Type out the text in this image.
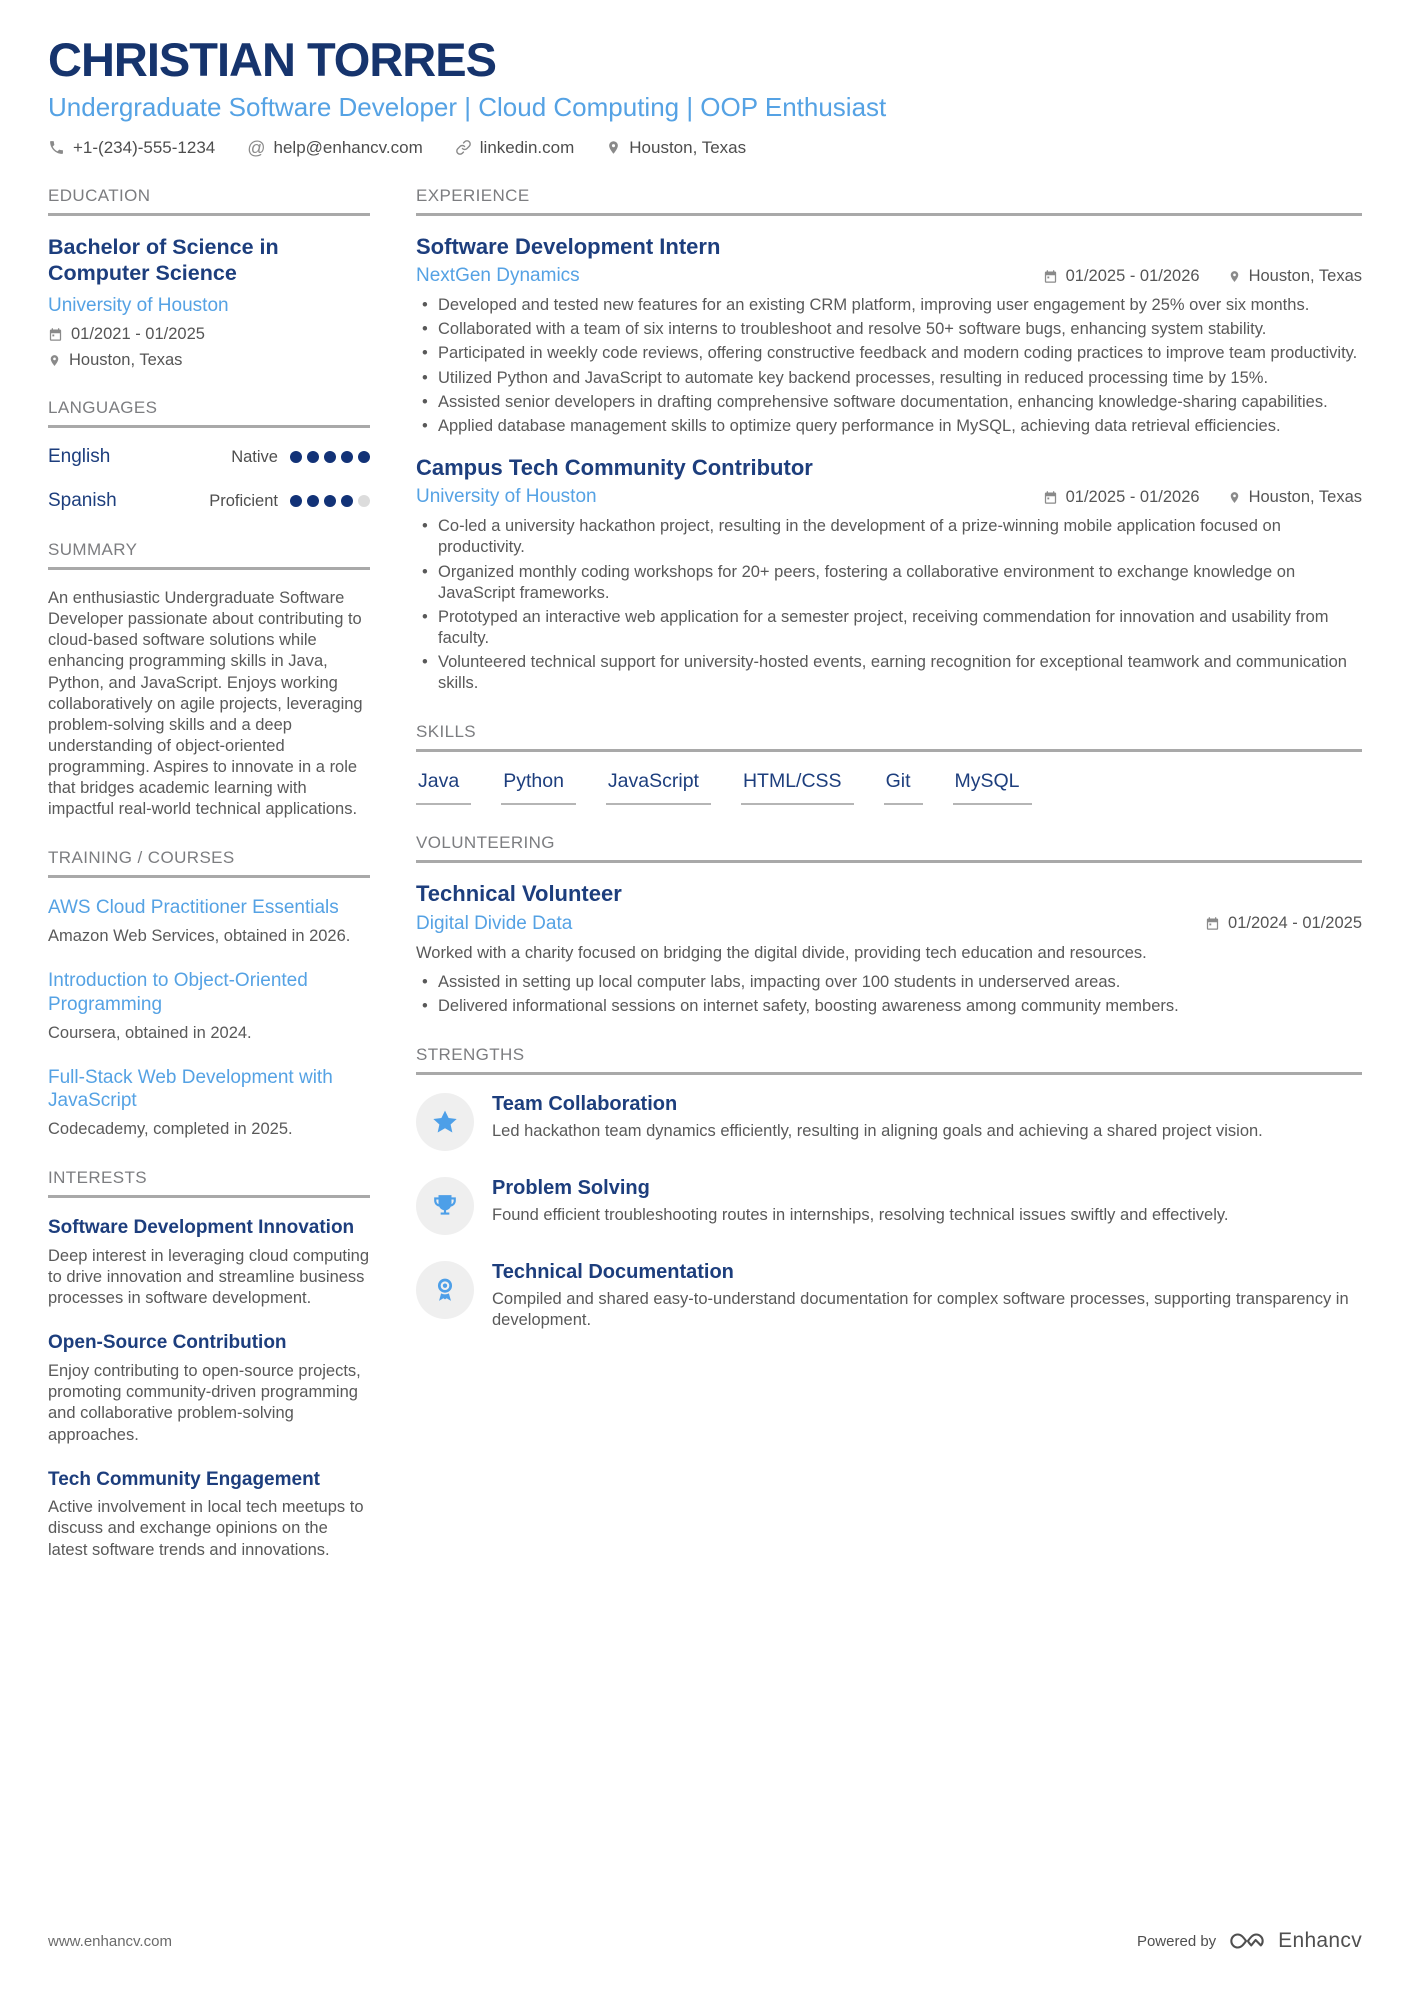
CHRISTIAN TORRES
Undergraduate Software Developer | Cloud Computing | OOP Enthusiast
+1-(234)-555-1234 @ help@enhancv.com	linkedin.com	Houston, Texas
EDUCATION
Bachelor of Science in Computer Science
University of Houston
01/2021 - 01/2025
Houston, Texas
LANGUAGES
English	Native
Spanish	Proficient
SUMMARY
An enthusiastic Undergraduate Software Developer passionate about contributing to cloud-based software solutions while enhancing programming skills in Java, Python, and JavaScript. Enjoys working collaboratively on agile projects, leveraging problem-solving skills and a deep understanding of object-oriented programming. Aspires to innovate in a role that bridges academic learning with impactful real-world technical applications.
TRAINING / COURSES
AWS Cloud Practitioner Essentials
Amazon Web Services, obtained in 2026.
Introduction to Object-Oriented Programming
Coursera, obtained in 2024.
Full-Stack Web Development with JavaScript
Codecademy, completed in 2025.
INTERESTS
Software Development Innovation
Deep interest in leveraging cloud computing to drive innovation and streamline business processes in software development.
Open-Source Contribution
Enjoy contributing to open-source projects, promoting community-driven programming and collaborative problem-solving approaches.
Tech Community Engagement
Active involvement in local tech meetups to discuss and exchange opinions on the latest software trends and innovations.
EXPERIENCE
Software Development Intern
NextGen Dynamics	01/2025 - 01/2026	Houston, Texas
• Developed and tested new features for an existing CRM platform, improving user engagement by 25% over six months.
• Collaborated with a team of six interns to troubleshoot and resolve 50+ software bugs, enhancing system stability.
• Participated in weekly code reviews, offering constructive feedback and modern coding practices to improve team productivity.
• Utilized Python and JavaScript to automate key backend processes, resulting in reduced processing time by 15%.
• Assisted senior developers in drafting comprehensive software documentation, enhancing knowledge-sharing capabilities.
• Applied database management skills to optimize query performance in MySQL, achieving data retrieval efficiencies.
Campus Tech Community Contributor
University of Houston	01/2025 - 01/2026	Houston, Texas
• Co-led a university hackathon project, resulting in the development of a prize-winning mobile application focused on productivity.
• Organized monthly coding workshops for 20+ peers, fostering a collaborative environment to exchange knowledge on JavaScript frameworks.
• Prototyped an interactive web application for a semester project, receiving commendation for innovation and usability from faculty.
• Volunteered technical support for university-hosted events, earning recognition for exceptional teamwork and communication skills.
SKILLS
Java	Python	JavaScript	HTML/CSS	Git	MySQL
VOLUNTEERING
Technical Volunteer
Digital Divide Data	01/2024 - 01/2025
Worked with a charity focused on bridging the digital divide, providing tech education and resources.
• Assisted in setting up local computer labs, impacting over 100 students in underserved areas.
• Delivered informational sessions on internet safety, boosting awareness among community members.
STRENGTHS
Team Collaboration
Led hackathon team dynamics efficiently, resulting in aligning goals and achieving a shared project vision.
Problem Solving
Found efficient troubleshooting routes in internships, resolving technical issues swiftly and effectively.
Technical Documentation
Compiled and shared easy-to-understand documentation for complex software processes, supporting transparency in development.
www.enhancv.com	Powered by	Enhancv
